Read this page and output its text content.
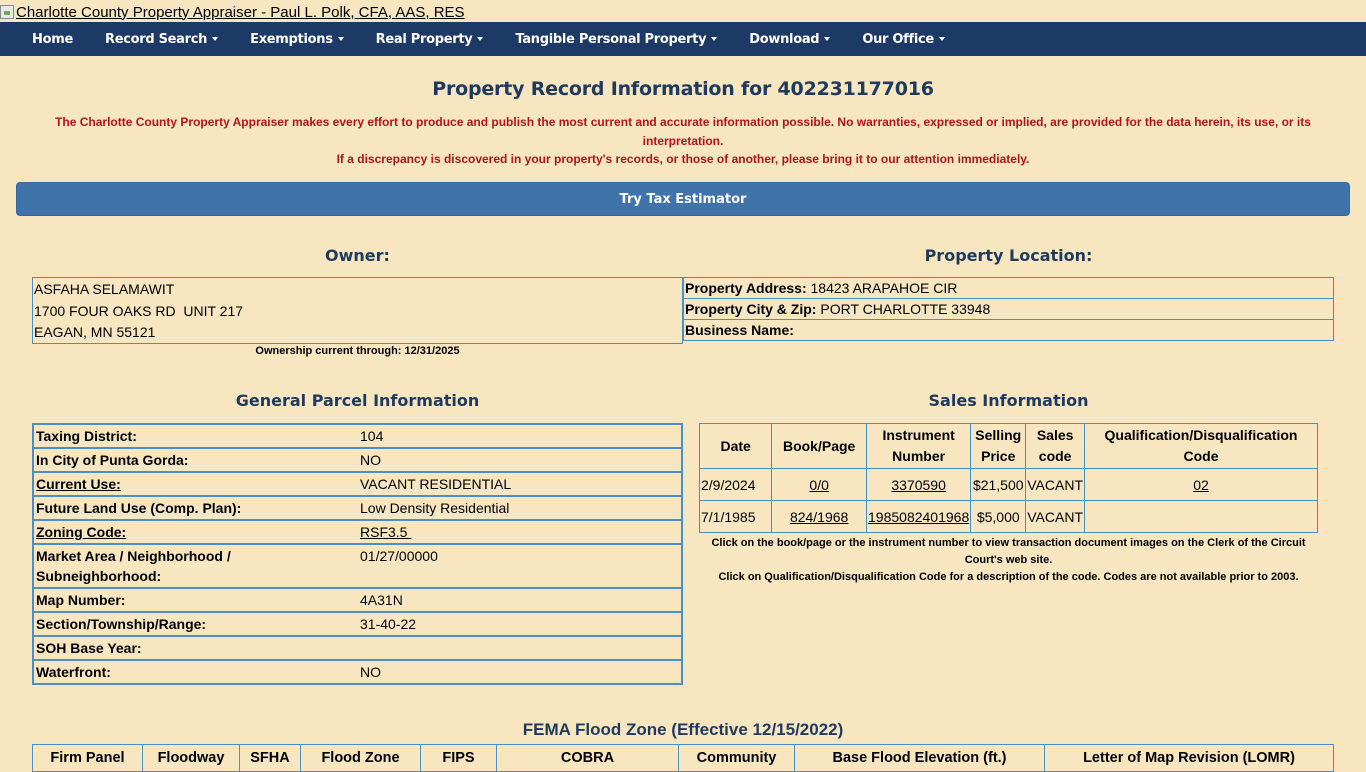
Charlotte County Property Appraiser - Paul L. Polk, CFA, AAS, RES
Home Record Search	Exemptions	Real Property	Tangible Personal Property	Download	Our Office
Property Record Information for 402231177016
The Charlotte County Property Appraiser makes every effort to produce and publish the most current and accurate information possible. No warranties, expressed or implied, are provided for the data herein, its use, or its interpretation.
If a discrepancy is discovered in your property's records, or those of another, please bring it to our attention immediately.
Try Tax Estimator
Owner:
ASFAHA SELAMAWIT
1700 FOUR OAKS RD  UNIT 217
EAGAN, MN 55121
Ownership current through: 12/31/2025
Property Location:
Property Address: 18423 ARAPAHOE CIR
Property City & Zip: PORT CHARLOTTE 33948
Business Name:
General Parcel Information
Taxing District:	104
In City of Punta Gorda:	NO
Current Use:	VACANT RESIDENTIAL
Future Land Use (Comp. Plan):	Low Density Residential
Zoning Code:	RSF3.5
Market Area / Neighborhood / Subneighborhood:	01/27/00000
Map Number:	4A31N
Section/Township/Range:	31-40-22
SOH Base Year:	
Waterfront:	NO
Sales Information
Date	Book/Page	Instrument Number	Selling Price	Sales code	Qualification/Disqualification Code
2/9/2024	0/0	3370590	$21,500	VACANT	02
7/1/1985	824/1968	1985082401968	$5,000	VACANT	
Click on the book/page or the instrument number to view transaction document images on the Clerk of the Circuit Court's web site.
Click on Qualification/Disqualification Code for a description of the code. Codes are not available prior to 2003.
FEMA Flood Zone (Effective 12/15/2022)
Firm Panel	Floodway	SFHA	Flood Zone	FIPS	COBRA	Community	Base Flood Elevation (ft.)	Letter of Map Revision (LOMR)
